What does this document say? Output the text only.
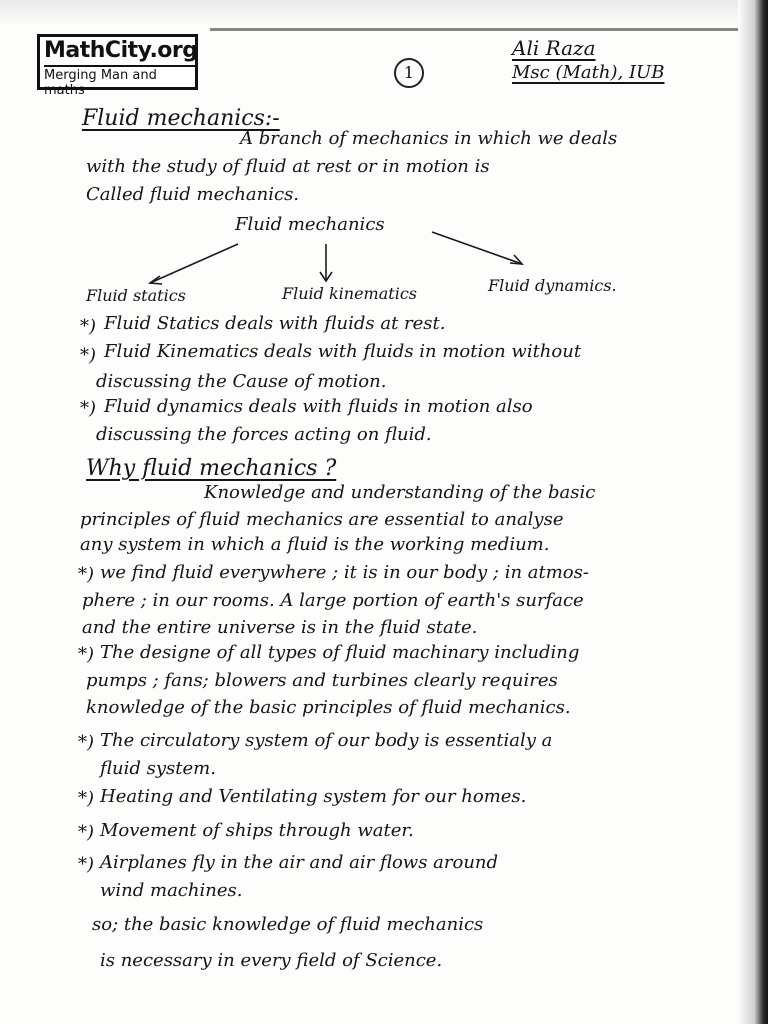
MathCity.org
Merging Man and maths
1
Ali Raza
Msc (Math), IUB
Fluid mechanics:-
A branch of mechanics in which we deals
with the study of fluid at rest or in motion is
Called fluid mechanics.
Fluid mechanics
Fluid statics	Fluid kinematics	Fluid dynamics.
*) Fluid Statics deals with fluids at rest.
*) Fluid Kinematics deals with fluids in motion without
discussing the Cause of motion.
*) Fluid dynamics deals with fluids in motion also
discussing the forces acting on fluid.
Why fluid mechanics ?
Knowledge and understanding of the basic
principles of fluid mechanics are essential to analyse
any system in which a fluid is the working medium.
*) we find fluid everywhere ; it is in our body ; in atmos-
phere ; in our rooms. A large portion of earth's surface
and the entire universe is in the fluid state.
*) The designe of all types of fluid machinary including
pumps ; fans; blowers and turbines clearly requires
knowledge of the basic principles of fluid mechanics.
*) The circulatory system of our body is essentialy a
fluid system.
*) Heating and Ventilating system for our homes.
*) Movement of ships through water.
*) Airplanes fly in the air and air flows around
wind machines.
so; the basic knowledge of fluid mechanics
is necessary in every field of Science.
